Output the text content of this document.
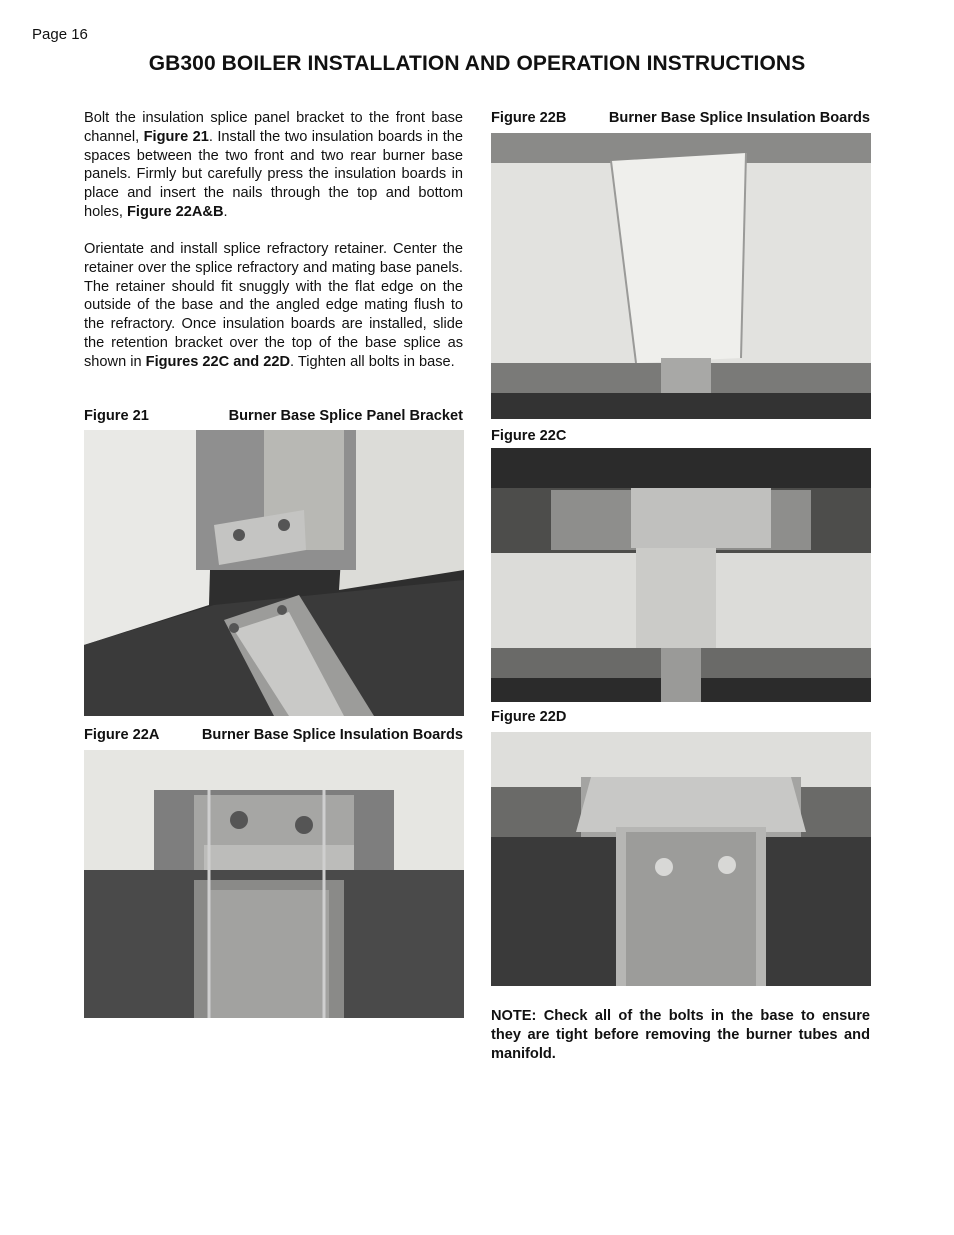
Page 16
GB300 BOILER INSTALLATION AND OPERATION INSTRUCTIONS

Bolt the insulation splice panel bracket to the front base channel, Figure 21. Install the two insulation boards in the spaces between the two front and two rear burner base panels. Firmly but carefully press the insulation boards in place and insert the nails through the top and bottom holes, Figure 22A&B.

Orientate and install splice refractory retainer. Center the retainer over the splice refractory and mating base panels. The retainer should fit snuggly with the flat edge on the outside of the base and the angled edge mating flush to the refractory. Once insulation boards are installed, slide the retention bracket over the top of the base splice as shown in Figures 22C and 22D. Tighten all bolts in base.

Figure 21	Burner Base Splice Panel Bracket
Figure 22A	Burner Base Splice Insulation Boards
Figure 22B	Burner Base Splice Insulation Boards
Figure 22C
Figure 22D

NOTE: Check all of the bolts in the base to ensure they are tight before removing the burner tubes and manifold.
